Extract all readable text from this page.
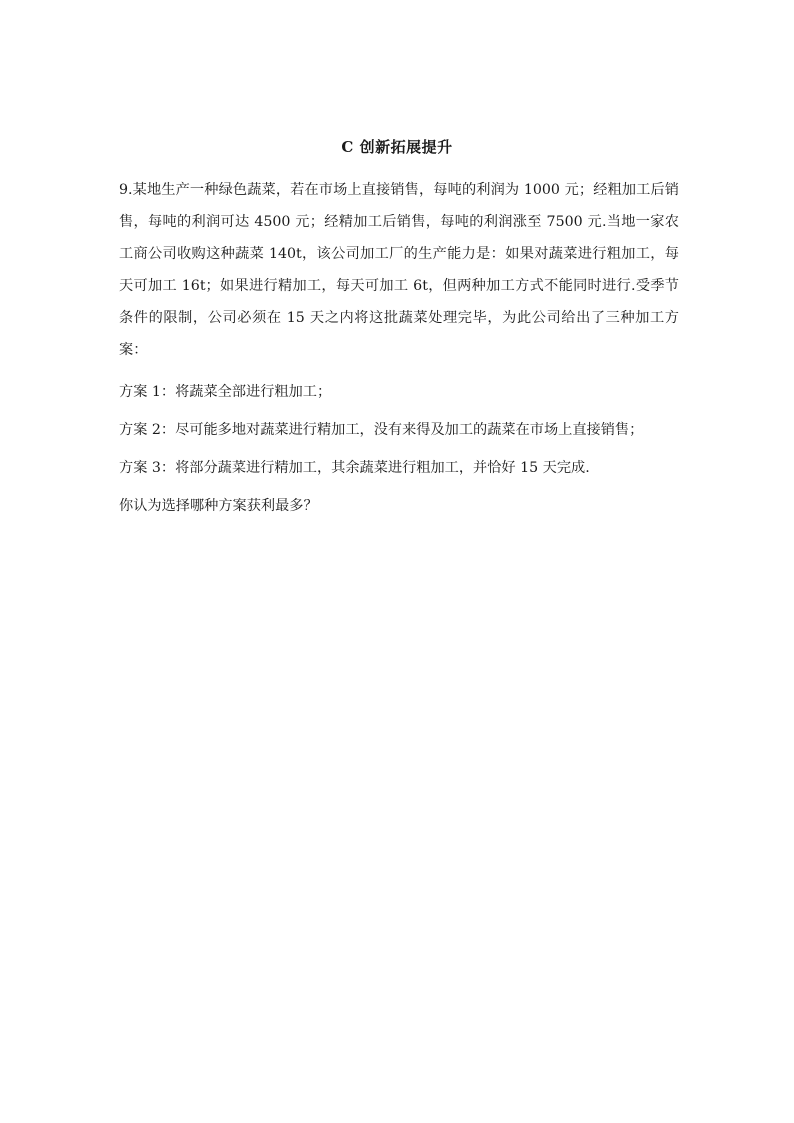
C 创新拓展提升

9.某地生产一种绿色蔬菜，若在市场上直接销售，每吨的利润为 1000 元；经粗加工后销售，每吨的利润可达 4500 元；经精加工后销售，每吨的利润涨至 7500 元.当地一家农工商公司收购这种蔬菜 140t，该公司加工厂的生产能力是：如果对蔬菜进行粗加工，每天可加工 16t；如果进行精加工，每天可加工 6t，但两种加工方式不能同时进行.受季节条件的限制，公司必须在 15 天之内将这批蔬菜处理完毕，为此公司给出了三种加工方案：

方案 1：将蔬菜全部进行粗加工；

方案 2：尽可能多地对蔬菜进行精加工，没有来得及加工的蔬菜在市场上直接销售；

方案 3：将部分蔬菜进行精加工，其余蔬菜进行粗加工，并恰好 15 天完成.

你认为选择哪种方案获利最多？
